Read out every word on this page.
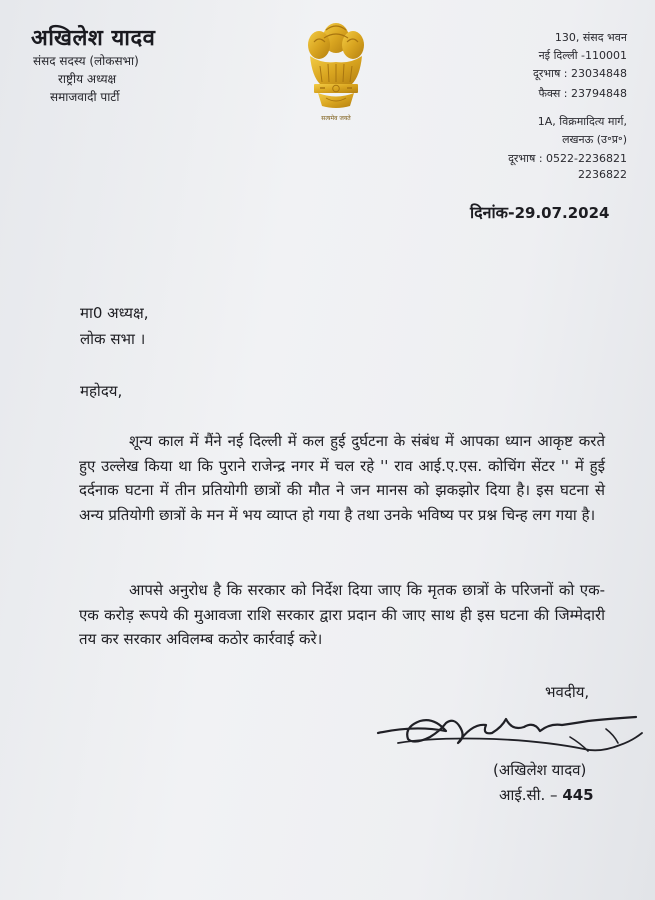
अखिलेश यादव
संसद सदस्य (लोकसभा)
राष्ट्रीय अध्यक्ष
समाजवादी पार्टी
सत्यमेव जयते
130, संसद भवन
नई दिल्ली -110001
दूरभाष : 23034848
फैक्स : 23794848
1A, विक्रमादित्य मार्ग,
लखनऊ (उ॰प्र॰)
दूरभाष : 0522-2236821
2236822
दिनांक-29.07.2024
मा0 अध्यक्ष,
लोक सभा ।
महोदय,
शून्य काल में मैंने नई दिल्ली में कल हुई दुर्घटना के संबंध में आपका ध्यान आकृष्ट करते हुए उल्लेख किया था कि पुराने राजेन्द्र नगर में चल रहे '' राव आई.ए.एस. कोचिंग सेंटर '' में हुई दर्दनाक घटना में तीन प्रतियोगी छात्रों की मौत ने जन मानस को झकझोर दिया है। इस घटना से अन्य प्रतियोगी छात्रों के मन में भय व्याप्त हो गया है तथा उनके भविष्य पर प्रश्न चिन्ह लग गया है।
आपसे अनुरोध है कि सरकार को निर्देश दिया जाए कि मृतक छात्रों के परिजनों को एक-एक करोड़ रूपये की मुआवजा राशि सरकार द्वारा प्रदान की जाए साथ ही इस घटना की जिम्मेदारी तय कर सरकार अविलम्ब कठोर कार्रवाई करे।
भवदीय,
(अखिलेश यादव)
आई.सी. – 445
